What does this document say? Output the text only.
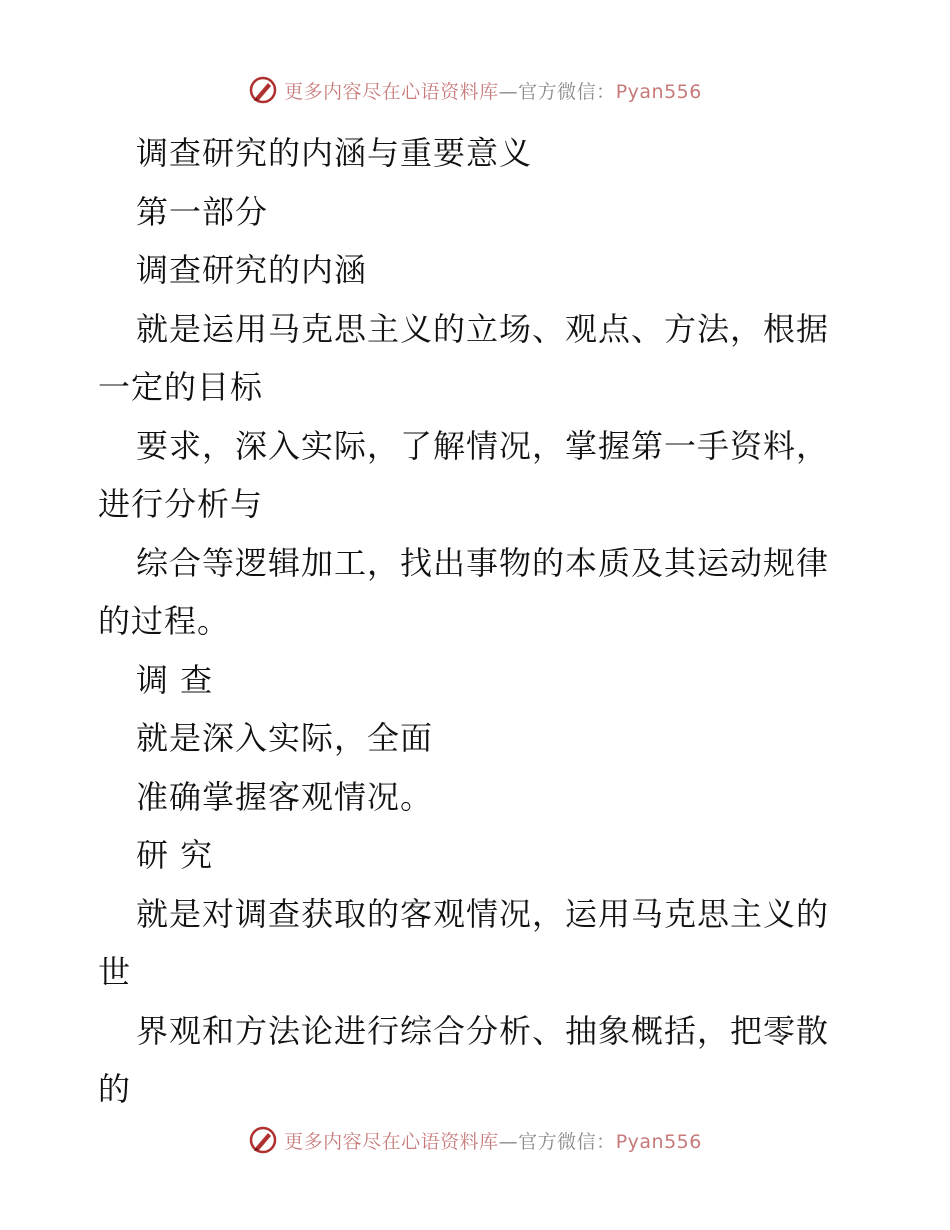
更多内容尽在心语资料库—官方微信：Pyan556
调查研究的内涵与重要意义
第一部分
调查研究的内涵
就是运用马克思主义的立场、观点、方法，根据
一定的目标
要求，深入实际，了解情况，掌握第一手资料，
进行分析与
综合等逻辑加工，找出事物的本质及其运动规律
的过程。
调 查
就是深入实际，全面
准确掌握客观情况。
研 究
就是对调查获取的客观情况，运用马克思主义的
世
界观和方法论进行综合分析、抽象概括，把零散
的
更多内容尽在心语资料库—官方微信：Pyan556
